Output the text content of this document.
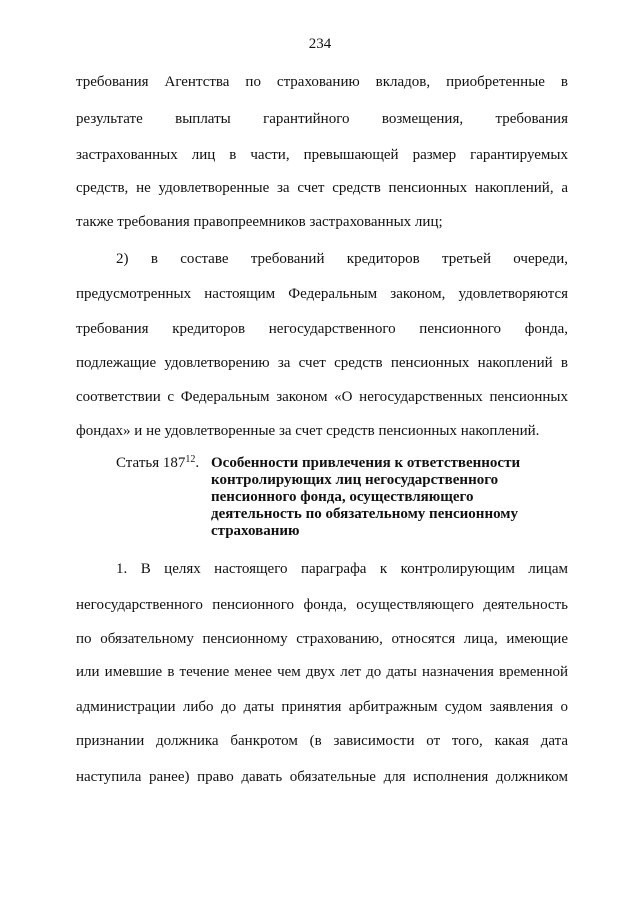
234
требования Агентства по страхованию вкладов, приобретенные в
результате выплаты гарантийного возмещения, требования
застрахованных лиц в части, превышающей размер гарантируемых
средств, не удовлетворенные за счет средств пенсионных накоплений, а
также требования правопреемников застрахованных лиц;
2) в составе требований кредиторов третьей очереди,
предусмотренных настоящим Федеральным законом, удовлетворяются
требования кредиторов негосударственного пенсионного фонда,
подлежащие удовлетворению за счет средств пенсионных накоплений в
соответствии с Федеральным законом «О негосударственных пенсионных
фондах» и не удовлетворенные за счет средств пенсионных накоплений.
Статья $187^{12}$. Особенности привлечения к ответственности
контролирующих лиц негосударственного
пенсионного фонда, осуществляющего
деятельность по обязательному пенсионному
страхованию
1. В целях настоящего параграфа к контролирующим лицам
негосударственного пенсионного фонда, осуществляющего деятельность
по обязательному пенсионному страхованию, относятся лица, имеющие
или имевшие в течение менее чем двух лет до даты назначения временной
администрации либо до даты принятия арбитражным судом заявления о
признании должника банкротом (в зависимости от того, какая дата
наступила ранее) право давать обязательные для исполнения должником
